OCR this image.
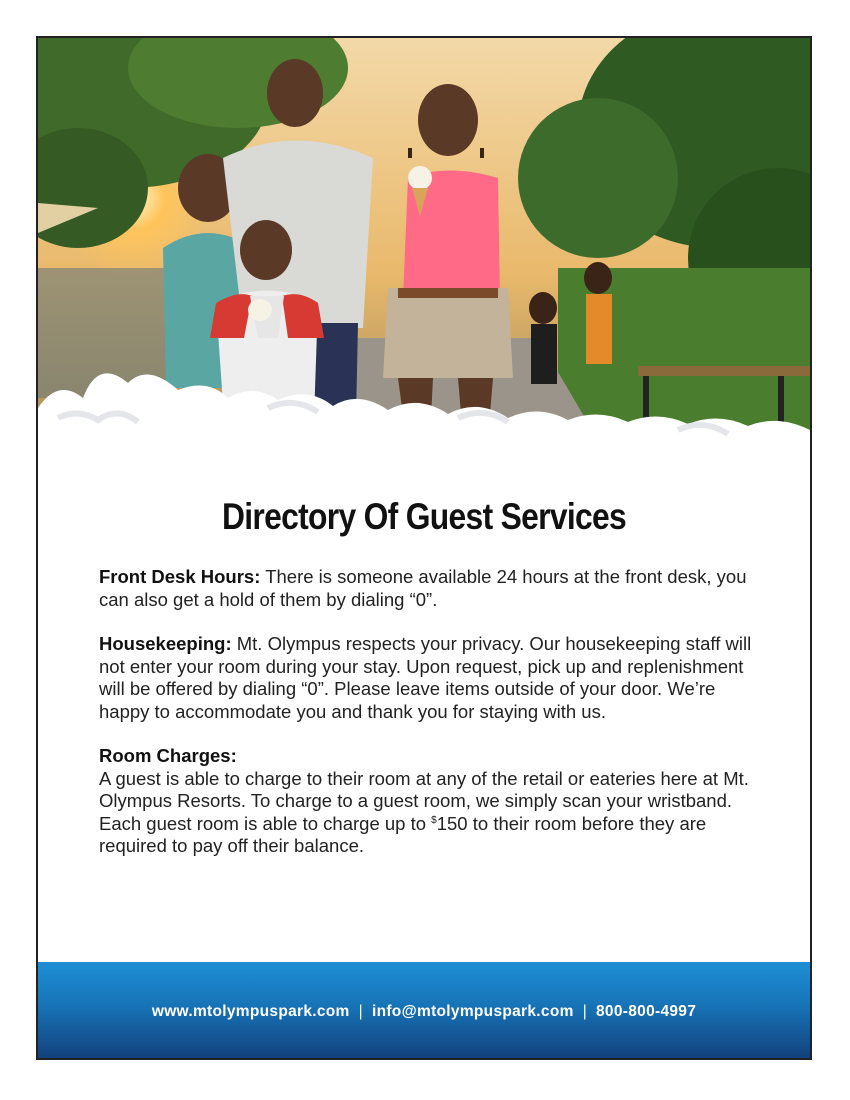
Directory Of Guest Services

Front Desk Hours: There is someone available 24 hours at the front desk, you can also get a hold of them by dialing “0”.

Housekeeping: Mt. Olympus respects your privacy. Our housekeeping staff will not enter your room during your stay. Upon request, pick up and replenishment will be offered by dialing “0”. Please leave items outside of your door. We’re happy to accommodate you and thank you for staying with us.

Room Charges:
A guest is able to charge to their room at any of the retail or eateries here at Mt. Olympus Resorts. To charge to a guest room, we simply scan your wristband. Each guest room is able to charge up to $150 to their room before they are required to pay off their balance.

www.mtolympuspark.com | info@mtolympuspark.com | 800-800-4997
